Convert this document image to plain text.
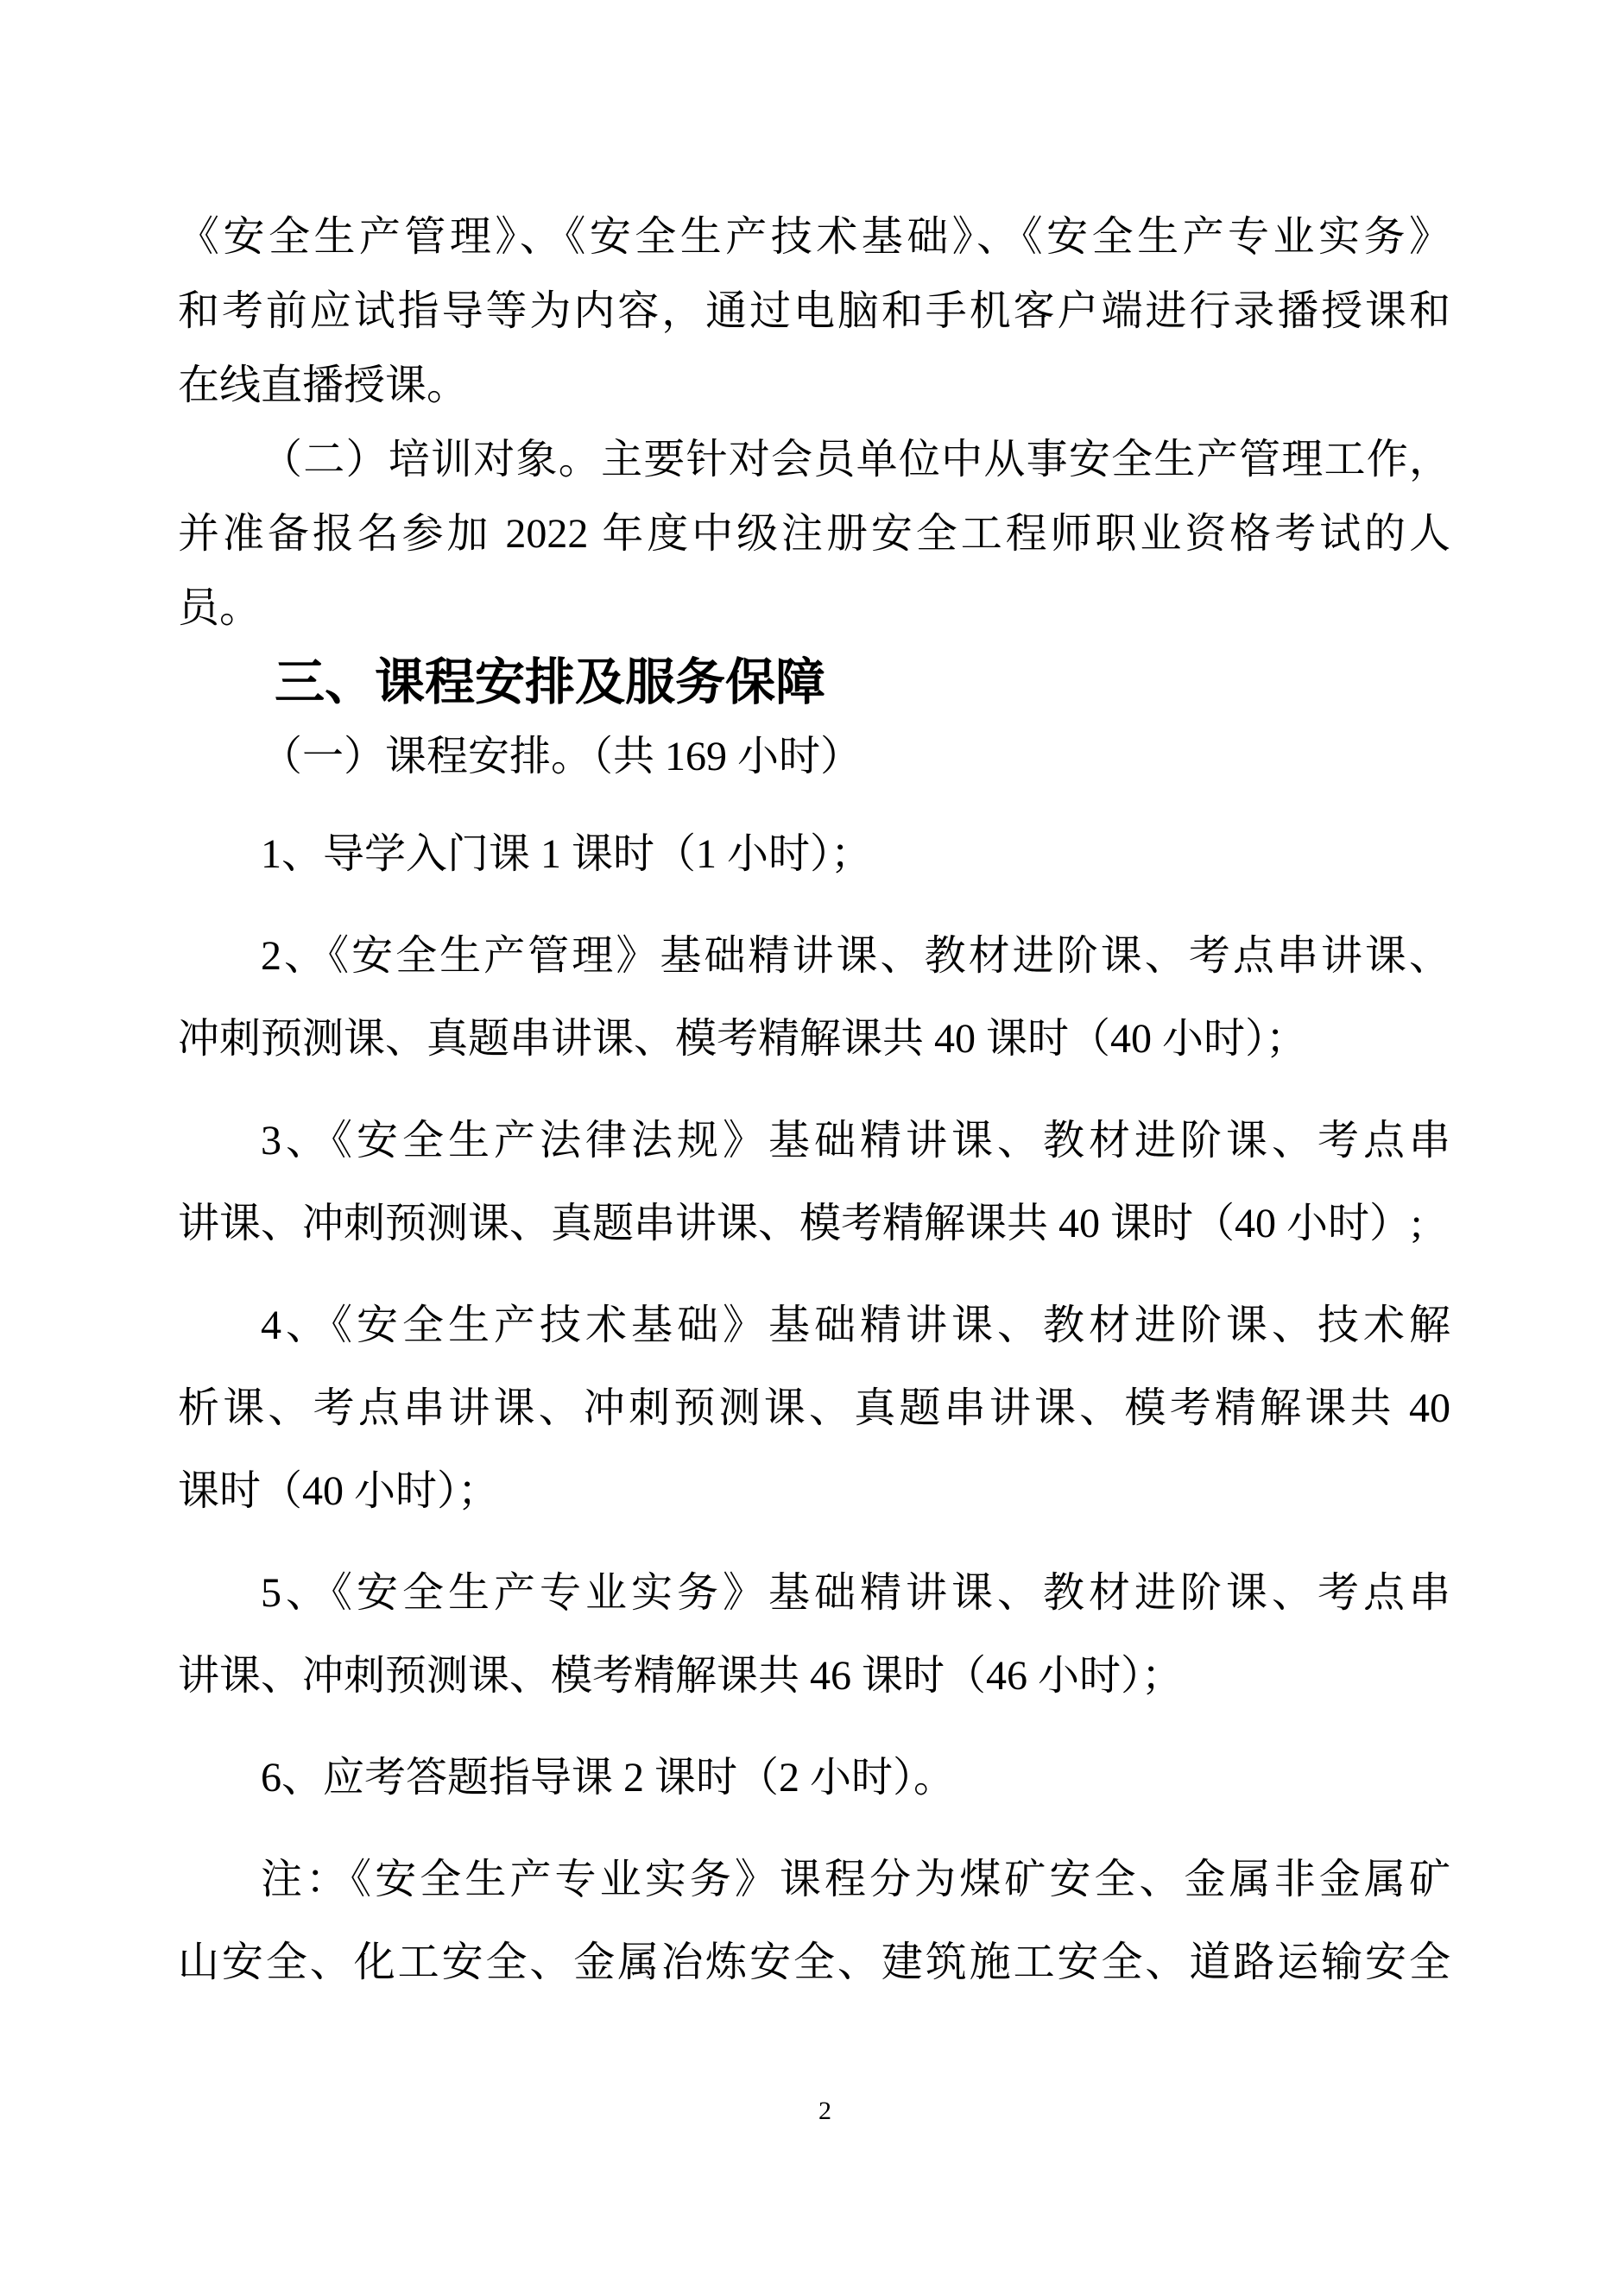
《安全生产管理》、《安全生产技术基础》、《安全生产专业实务》
和考前应试指导等为内容，通过电脑和手机客户端进行录播授课和
在线直播授课。
（二）培训对象。主要针对会员单位中从事安全生产管理工作，
并准备报名参加 2022 年度中级注册安全工程师职业资格考试的人
员。
三、课程安排及服务保障
（一）课程安排。（共 169 小时）
1、导学入门课 1 课时（1 小时）；
2、《安全生产管理》基础精讲课、教材进阶课、考点串讲课、
冲刺预测课、真题串讲课、模考精解课共 40 课时（40 小时）；
3、《安全生产法律法规》基础精讲课、教材进阶课、考点串
讲课、冲刺预测课、真题串讲课、模考精解课共 40 课时（40 小时）;
4、《安全生产技术基础》基础精讲课、教材进阶课、技术解
析课、考点串讲课、冲刺预测课、真题串讲课、模考精解课共 40
课时（40 小时）；
5、《安全生产专业实务》基础精讲课、教材进阶课、考点串
讲课、冲刺预测课、模考精解课共 46 课时（46 小时）；
6、应考答题指导课 2 课时（2 小时）。
注：《安全生产专业实务》课程分为煤矿安全、金属非金属矿
山安全、化工安全、金属冶炼安全、建筑施工安全、道路运输安全
2
